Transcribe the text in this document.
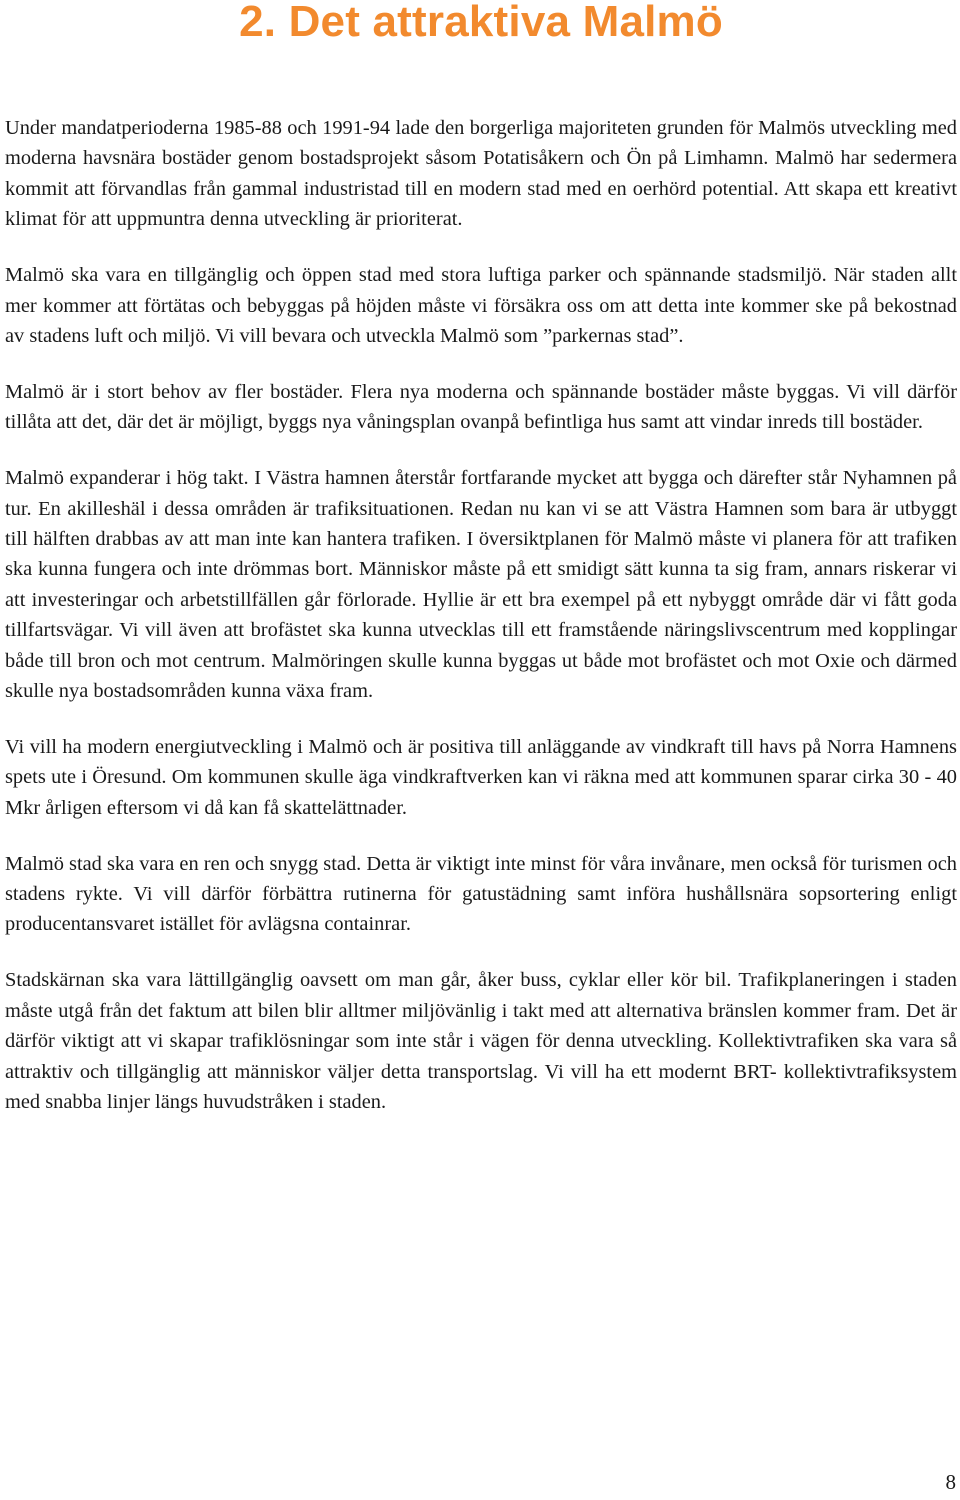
2. Det attraktiva Malmö

Under mandatperioderna 1985-88 och 1991-94 lade den borgerliga majoriteten grunden för Malmös utveckling med moderna havsnära bostäder genom bostadsprojekt såsom Potatisåkern och Ön på Limhamn. Malmö har sedermera kommit att förvandlas från gammal industristad till en modern stad med en oerhörd potential. Att skapa ett kreativt klimat för att uppmuntra denna utveckling är prioriterat.

Malmö ska vara en tillgänglig och öppen stad med stora luftiga parker och spännande stadsmiljö. När staden allt mer kommer att förtätas och bebyggas på höjden måste vi försäkra oss om att detta inte kommer ske på bekostnad av stadens luft och miljö. Vi vill bevara och utveckla Malmö som ”parkernas stad”.

Malmö är i stort behov av fler bostäder. Flera nya moderna och spännande bostäder måste byggas. Vi vill därför tillåta att det, där det är möjligt, byggs nya våningsplan ovanpå befintliga hus samt att vindar inreds till bostäder.

Malmö expanderar i hög takt. I Västra hamnen återstår fortfarande mycket att bygga och därefter står Nyhamnen på tur. En akilleshäl i dessa områden är trafiksituationen. Redan nu kan vi se att Västra Hamnen som bara är utbyggt till hälften drabbas av att man inte kan hantera trafiken. I översiktplanen för Malmö måste vi planera för att trafiken ska kunna fungera och inte drömmas bort. Människor måste på ett smidigt sätt kunna ta sig fram, annars riskerar vi att investeringar och arbetstillfällen går förlorade. Hyllie är ett bra exempel på ett nybyggt område där vi fått goda tillfartsvägar. Vi vill även att brofästet ska kunna utvecklas till ett framstående näringslivscentrum med kopplingar både till bron och mot centrum. Malmöringen skulle kunna byggas ut både mot brofästet och mot Oxie och därmed skulle nya bostadsområden kunna växa fram.

Vi vill ha modern energiutveckling i Malmö och är positiva till anläggande av vindkraft till havs på Norra Hamnens spets ute i Öresund. Om kommunen skulle äga vindkraftverken kan vi räkna med att kommunen sparar cirka 30 - 40 Mkr årligen eftersom vi då kan få skattelättnader.

Malmö stad ska vara en ren och snygg stad. Detta är viktigt inte minst för våra invånare, men också för turismen och stadens rykte. Vi vill därför förbättra rutinerna för gatustädning samt införa hushållsnära sopsortering enligt producentansvaret istället för avlägsna containrar.

Stadskärnan ska vara lättillgänglig oavsett om man går, åker buss, cyklar eller kör bil. Trafikplaneringen i staden måste utgå från det faktum att bilen blir alltmer miljövänlig i takt med att alternativa bränslen kommer fram. Det är därför viktigt att vi skapar trafiklösningar som inte står i vägen för denna utveckling. Kollektivtrafiken ska vara så attraktiv och tillgänglig att människor väljer detta transportslag. Vi vill ha ett modernt BRT- kollektivtrafiksystem med snabba linjer längs huvudstråken i staden.

8
